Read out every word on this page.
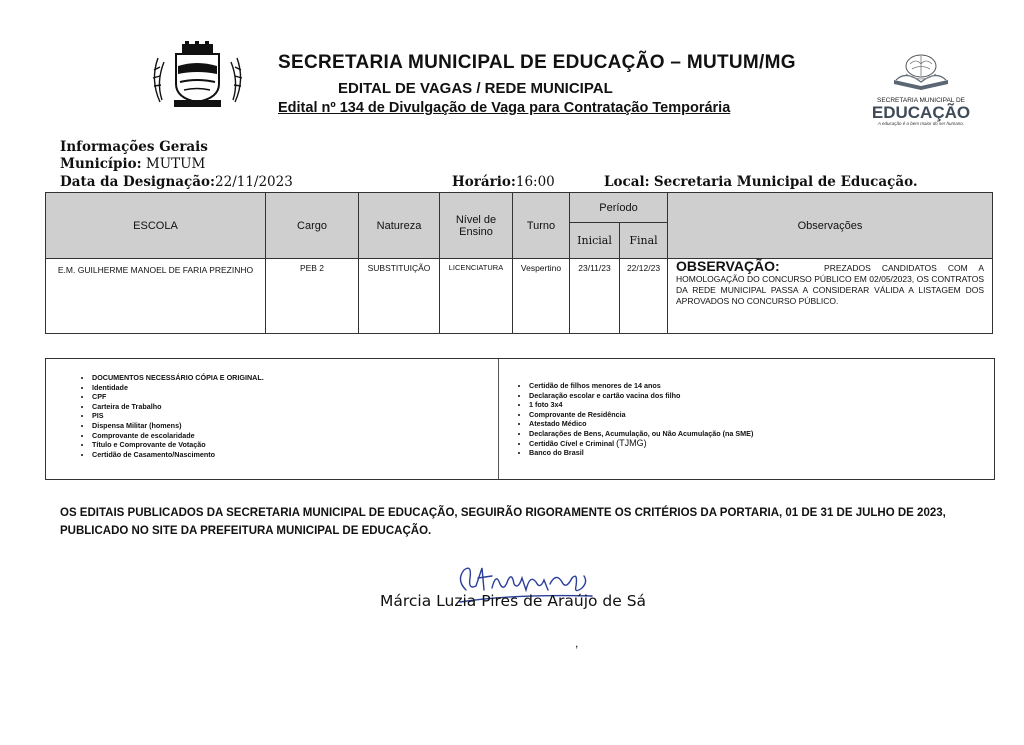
SECRETARIA MUNICIPAL DE EDUCAÇÃO – MUTUM/MG
EDITAL DE VAGAS / REDE MUNICIPAL
Edital nº 134 de Divulgação de Vaga para Contratação Temporária	SECRETARIA MUNICIPAL DE
EDUCAÇÃO
A educação é o bem maior do ser humano.
Informações Gerais
Município: MUTUM
Data da Designação:22/11/2023	Horário:16:00	Local: Secretaria Municipal de Educação.
ESCOLA	Cargo	Natureza	Nível de Ensino	Turno	Período		Observações
					Inicial	Final	
E.M. GUILHERME MANOEL DE FARIA PREZINHO	PEB 2	SUBSTITUIÇÃO	LICENCIATURA	Vespertino	23/11/23	22/12/23	OBSERVAÇÃO: PREZADOS CANDIDATOS COM A HOMOLOGAÇÃO DO CONCURSO PÚBLICO EM 02/05/2023, OS CONTRATOS DA REDE MUNICIPAL PASSA A CONSIDERAR VÁLIDA A LISTAGEM DOS APROVADOS NO CONCURSO PÚBLICO.
• DOCUMENTOS NECESSÁRIO CÓPIA E ORIGINAL.
• Identidade
• CPF
• Carteira de Trabalho
• PIS
• Dispensa Militar (homens)
• Comprovante de escolaridade
• Título e Comprovante de Votação
• Certidão de Casamento/Nascimento
• Certidão de filhos menores de 14 anos
• Declaração escolar e cartão vacina dos filho
• 1 foto 3x4
• Comprovante de Residência
• Atestado Médico
• Declarações de Bens, Acumulação, ou Não Acumulação (na SME)
• Certidão Cível e Criminal (TJMG)
• Banco do Brasil
OS EDITAIS PUBLICADOS DA SECRETARIA MUNICIPAL DE EDUCAÇÃO, SEGUIRÃO RIGORAMENTE OS CRITÉRIOS DA PORTARIA, 01 DE 31 DE JULHO DE 2023, PUBLICADO NO SITE DA PREFEITURA MUNICIPAL DE EDUCAÇÃO.
Márcia Luzia Pires de Araújo de Sá
,
